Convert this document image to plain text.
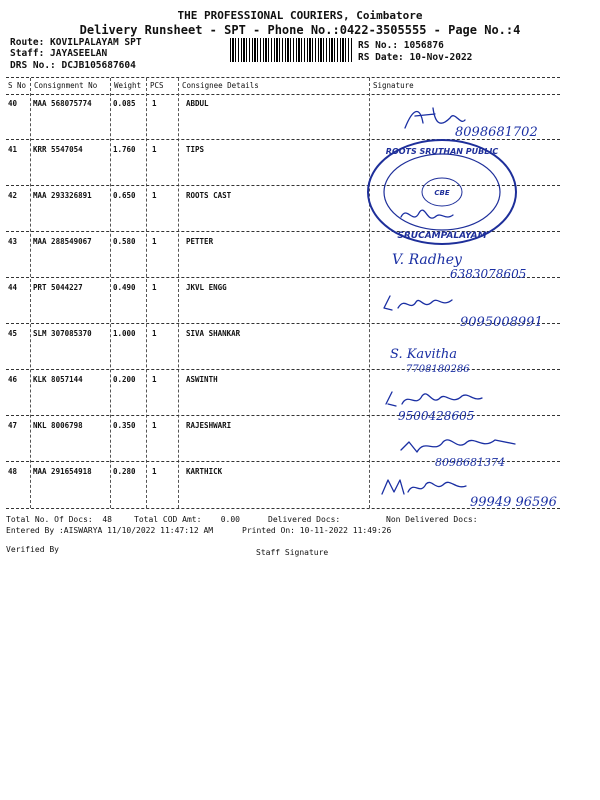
THE PROFESSIONAL COURIERS, Coimbatore
Delivery Runsheet - SPT - Phone No.:0422-3505555 - Page No.:4
Route: KOVILPALAYAM SPT
Staff: JAYASEELAN
DRS No.: DCJB105687604
RS No.: 1056876
RS Date: 10-Nov-2022
S No Consignment No Weight PCS Consignee Details	Signature
40 MAA 568075774	0.085 1	ABDUL
41 KRR 5547054	1.760 1	TIPS
42 MAA 293326891	0.650 1	ROOTS CAST
43 MAA 288549067	0.580 1	PETTER
44 PRT 5044227	0.490 1	JKVL ENGG
45 SLM 307085370	1.000 1	SIVA SHANKAR
46 KLK 8057144	0.200 1	ASWINTH
47 NKL 8006798	0.350 1	RAJESHWARI
48 MAA 291654918	0.280 1	KARTHICK
ROOTS SRUTHAN PUBLIC
SRUCAMPALAYAM
CBE
8098681702
V. Radhey
6383078605
9095008991
S. Kavitha
7708180286
9500428605
8098681374
99949 96596
Total No. Of Docs:  48	Total COD Amt:    0.00	Delivered Docs:	Non Delivered Docs:
Entered By :AISWARYA 11/10/2022 11:47:12 AM	Printed On: 10-11-2022 11:49:26
Verified By	Staff Signature
